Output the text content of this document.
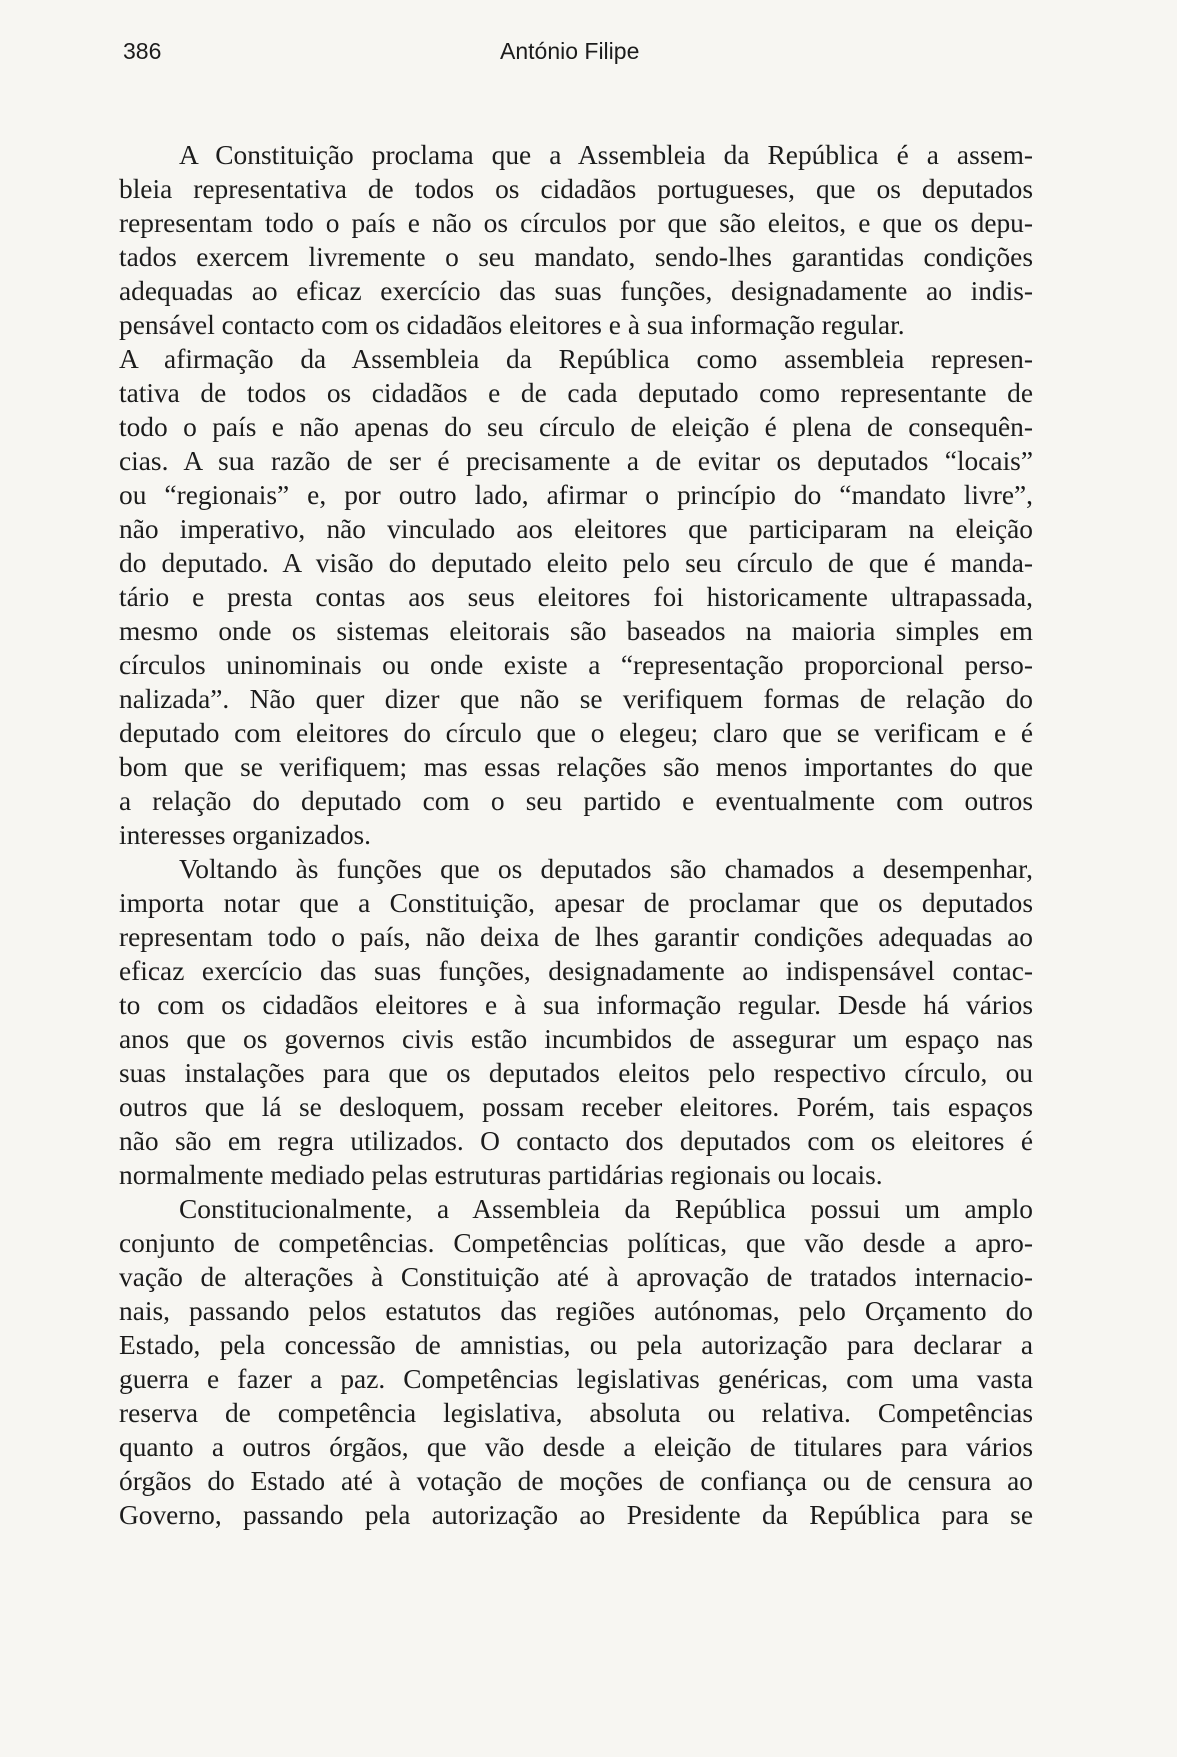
386	António Filipe
A Constituição proclama que a Assembleia da República é a assem-
bleia representativa de todos os cidadãos portugueses, que os deputados
representam todo o país e não os círculos por que são eleitos, e que os depu-
tados exercem livremente o seu mandato, sendo-lhes garantidas condições
adequadas ao eficaz exercício das suas funções, designadamente ao indis-
pensável contacto com os cidadãos eleitores e à sua informação regular.
A afirmação da Assembleia da República como assembleia represen-
tativa de todos os cidadãos e de cada deputado como representante de
todo o país e não apenas do seu círculo de eleição é plena de consequên-
cias. A sua razão de ser é precisamente a de evitar os deputados “locais”
ou “regionais” e, por outro lado, afirmar o princípio do “mandato livre”,
não imperativo, não vinculado aos eleitores que participaram na eleição
do deputado. A visão do deputado eleito pelo seu círculo de que é manda-
tário e presta contas aos seus eleitores foi historicamente ultrapassada,
mesmo onde os sistemas eleitorais são baseados na maioria simples em
círculos uninominais ou onde existe a “representação proporcional perso-
nalizada”. Não quer dizer que não se verifiquem formas de relação do
deputado com eleitores do círculo que o elegeu; claro que se verificam e é
bom que se verifiquem; mas essas relações são menos importantes do que
a relação do deputado com o seu partido e eventualmente com outros
interesses organizados.
Voltando às funções que os deputados são chamados a desempenhar,
importa notar que a Constituição, apesar de proclamar que os deputados
representam todo o país, não deixa de lhes garantir condições adequadas ao
eficaz exercício das suas funções, designadamente ao indispensável contac-
to com os cidadãos eleitores e à sua informação regular. Desde há vários
anos que os governos civis estão incumbidos de assegurar um espaço nas
suas instalações para que os deputados eleitos pelo respectivo círculo, ou
outros que lá se desloquem, possam receber eleitores. Porém, tais espaços
não são em regra utilizados. O contacto dos deputados com os eleitores é
normalmente mediado pelas estruturas partidárias regionais ou locais.
Constitucionalmente, a Assembleia da República possui um amplo
conjunto de competências. Competências políticas, que vão desde a apro-
vação de alterações à Constituição até à aprovação de tratados internacio-
nais, passando pelos estatutos das regiões autónomas, pelo Orçamento do
Estado, pela concessão de amnistias, ou pela autorização para declarar a
guerra e fazer a paz. Competências legislativas genéricas, com uma vasta
reserva de competência legislativa, absoluta ou relativa. Competências
quanto a outros órgãos, que vão desde a eleição de titulares para vários
órgãos do Estado até à votação de moções de confiança ou de censura ao
Governo, passando pela autorização ao Presidente da República para se
